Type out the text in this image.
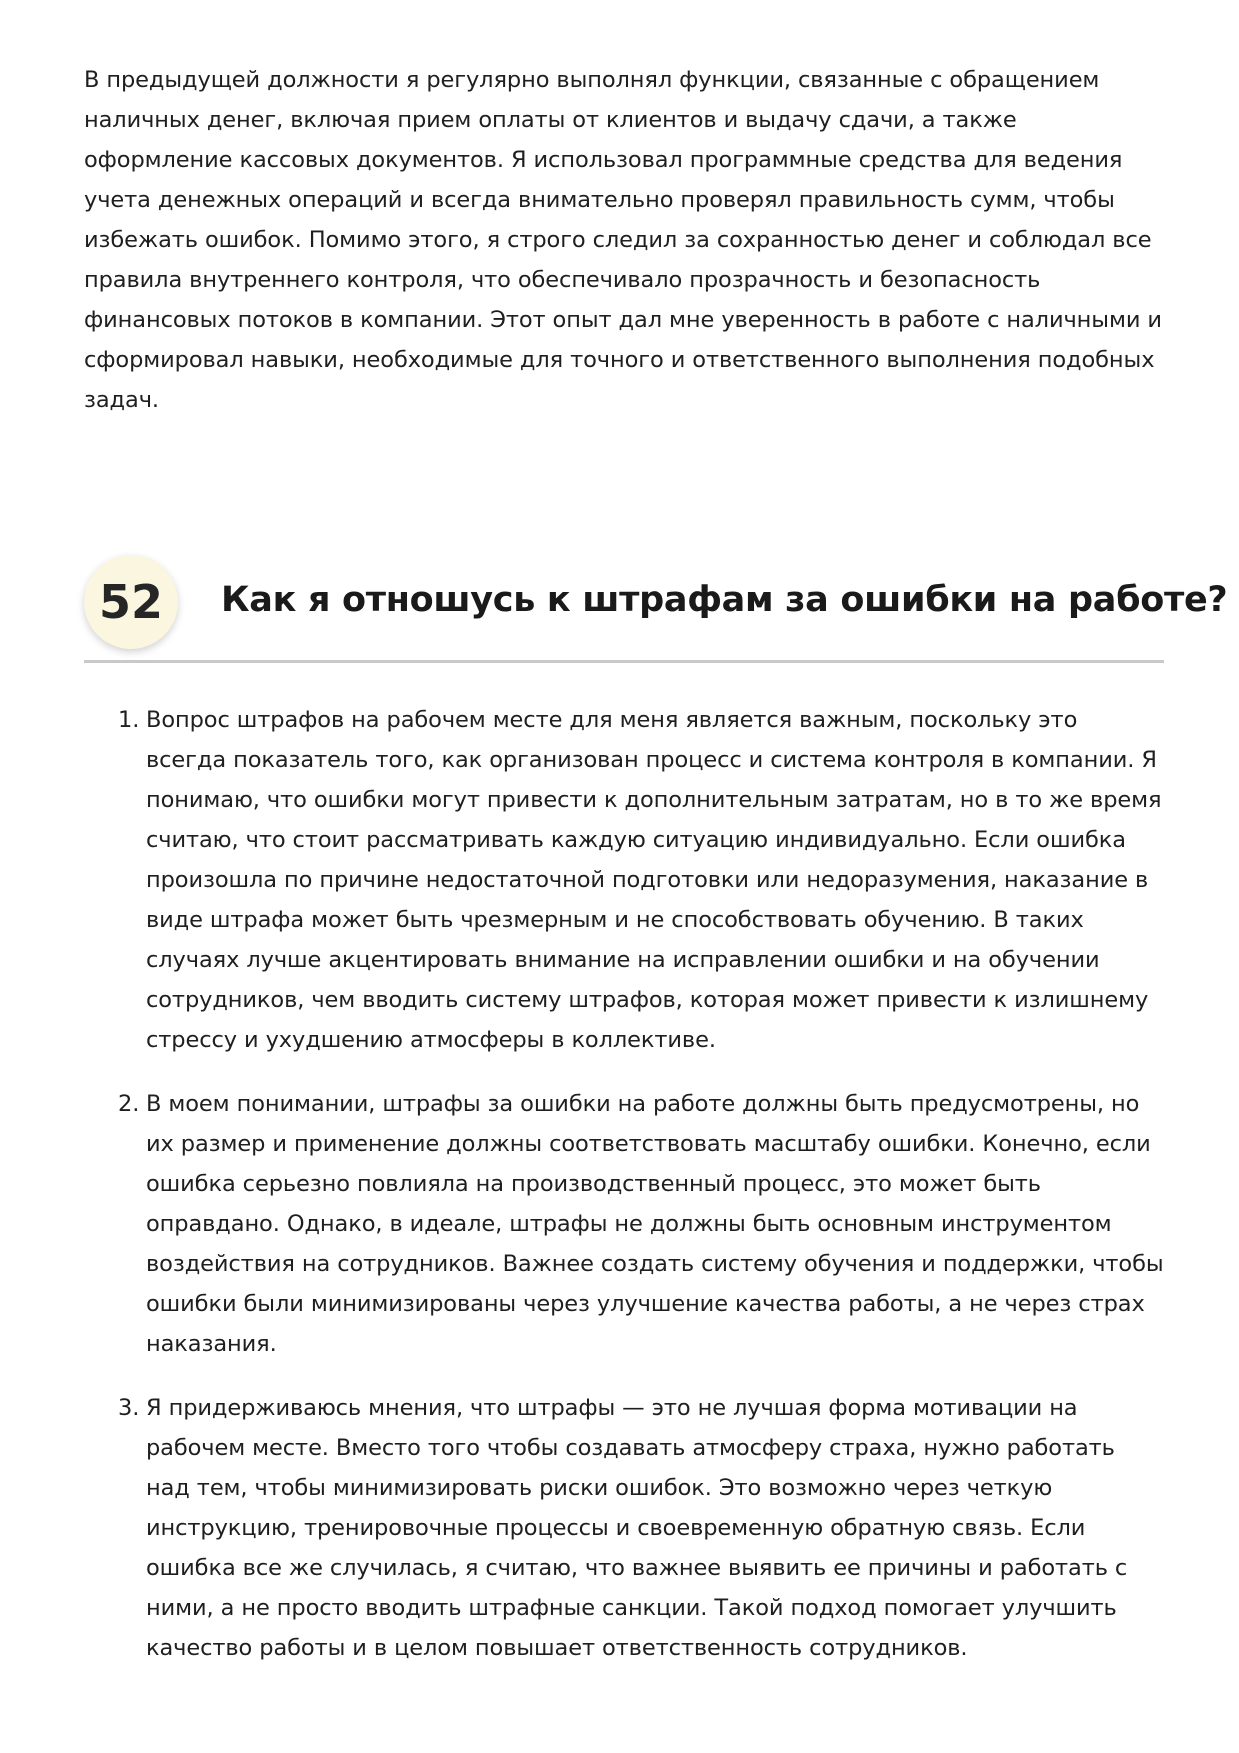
В предыдущей должности я регулярно выполнял функции, связанные с обращением наличных денег, включая прием оплаты от клиентов и выдачу сдачи, а также оформление кассовых документов. Я использовал программные средства для ведения учета денежных операций и всегда внимательно проверял правильность сумм, чтобы избежать ошибок. Помимо этого, я строго следил за сохранностью денег и соблюдал все правила внутреннего контроля, что обеспечивало прозрачность и безопасность финансовых потоков в компании. Этот опыт дал мне уверенность в работе с наличными и сформировал навыки, необходимые для точного и ответственного выполнения подобных задач.

52	Как я отношусь к штрафам за ошибки на работе?
1. Вопрос штрафов на рабочем месте для меня является важным, поскольку это всегда показатель того, как организован процесс и система контроля в компании. Я понимаю, что ошибки могут привести к дополнительным затратам, но в то же время считаю, что стоит рассматривать каждую ситуацию индивидуально. Если ошибка произошла по причине недостаточной подготовки или недоразумения, наказание в виде штрафа может быть чрезмерным и не способствовать обучению. В таких случаях лучше акцентировать внимание на исправлении ошибки и на обучении сотрудников, чем вводить систему штрафов, которая может привести к излишнему стрессу и ухудшению атмосферы в коллективе.
2. В моем понимании, штрафы за ошибки на работе должны быть предусмотрены, но их размер и применение должны соответствовать масштабу ошибки. Конечно, если ошибка серьезно повлияла на производственный процесс, это может быть оправдано. Однако, в идеале, штрафы не должны быть основным инструментом воздействия на сотрудников. Важнее создать систему обучения и поддержки, чтобы ошибки были минимизированы через улучшение качества работы, а не через страх наказания.
3. Я придерживаюсь мнения, что штрафы — это не лучшая форма мотивации на рабочем месте. Вместо того чтобы создавать атмосферу страха, нужно работать над тем, чтобы минимизировать риски ошибок. Это возможно через четкую инструкцию, тренировочные процессы и своевременную обратную связь. Если ошибка все же случилась, я считаю, что важнее выявить ее причины и работать с ними, а не просто вводить штрафные санкции. Такой подход помогает улучшить качество работы и в целом повышает ответственность сотрудников.
